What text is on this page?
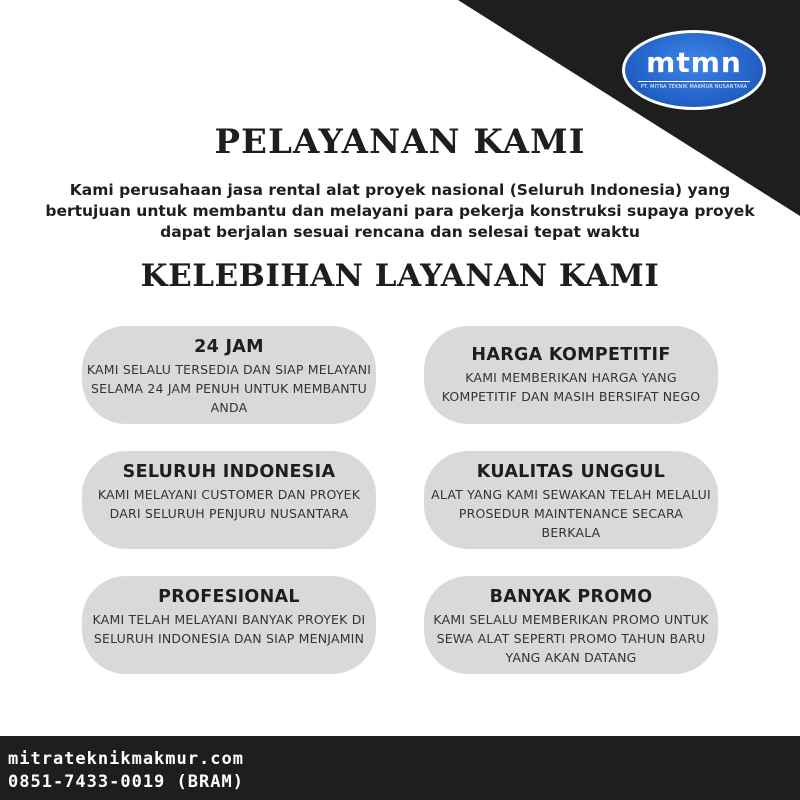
mtmn
PT. MITRA TEKNIK MAKMUR NUSANTARA
PELAYANAN KAMI

Kami perusahaan jasa rental alat proyek nasional (Seluruh Indonesia) yang bertujuan untuk membantu dan melayani para pekerja konstruksi supaya proyek dapat berjalan sesuai rencana dan selesai tepat waktu

KELEBIHAN LAYANAN KAMI
24 JAM
KAMI SELALU TERSEDIA DAN SIAP MELAYANI SELAMA 24 JAM PENUH UNTUK MEMBANTU ANDA
HARGA KOMPETITIF
KAMI MEMBERIKAN HARGA YANG KOMPETITIF DAN MASIH BERSIFAT NEGO
SELURUH INDONESIA
KAMI MELAYANI CUSTOMER DAN PROYEK DARI SELURUH PENJURU NUSANTARA
KUALITAS UNGGUL
ALAT YANG KAMI SEWAKAN TELAH MELALUI PROSEDUR MAINTENANCE SECARA BERKALA
PROFESIONAL
KAMI TELAH MELAYANI BANYAK PROYEK DI SELURUH INDONESIA DAN SIAP MENJAMIN
BANYAK PROMO
KAMI SELALU MEMBERIKAN PROMO UNTUK SEWA ALAT SEPERTI PROMO TAHUN BARU YANG AKAN DATANG
mitrateknikmakmur.com
0851-7433-0019 (BRAM)
